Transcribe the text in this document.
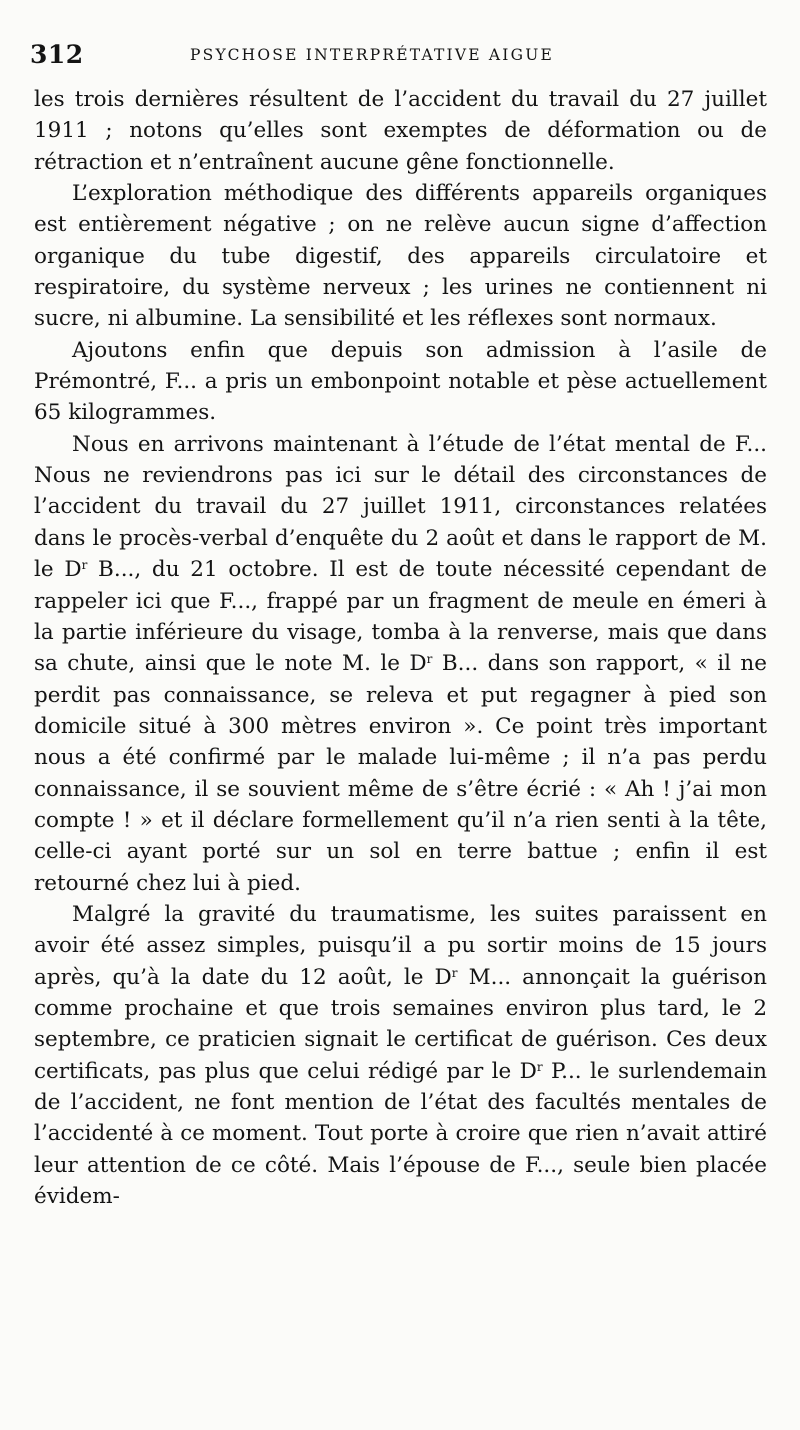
312	PSYCHOSE INTERPRÉTATIVE AIGUE

les trois dernières résultent de l’accident du travail du 27 juillet 1911 ; notons qu’elles sont exemptes de déformation ou de rétraction et n’entraînent aucune gêne fonctionnelle.

L’exploration méthodique des différents appareils organiques est entièrement négative ; on ne relève aucun signe d’affection organique du tube digestif, des appareils circulatoire et respiratoire, du système nerveux ; les urines ne contiennent ni sucre, ni albumine. La sensibilité et les réflexes sont normaux.

Ajoutons enfin que depuis son admission à l’asile de Prémontré, F... a pris un embonpoint notable et pèse actuellement 65 kilogrammes.

Nous en arrivons maintenant à l’étude de l’état mental de F... Nous ne reviendrons pas ici sur le détail des circonstances de l’accident du travail du 27 juillet 1911, circonstances relatées dans le procès-verbal d’enquête du 2 août et dans le rapport de M. le $D^r$ B..., du 21 octobre. Il est de toute nécessité cependant de rappeler ici que F..., frappé par un fragment de meule en émeri à la partie inférieure du visage, tomba à la renverse, mais que dans sa chute, ainsi que le note M. le $D^r$ B... dans son rapport, « il ne perdit pas connaissance, se releva et put regagner à pied son domicile situé à 300 mètres environ ». Ce point très important nous a été confirmé par le malade lui-même ; il n’a pas perdu connaissance, il se souvient même de s’être écrié : « Ah ! j’ai mon compte ! » et il déclare formellement qu’il n’a rien senti à la tête, celle-ci ayant porté sur un sol en terre battue ; enfin il est retourné chez lui à pied.

Malgré la gravité du traumatisme, les suites paraissent en avoir été assez simples, puisqu’il a pu sortir moins de 15 jours après, qu’à la date du 12 août, le $D^r$ M... annonçait la guérison comme prochaine et que trois semaines environ plus tard, le 2 septembre, ce praticien signait le certificat de guérison. Ces deux certificats, pas plus que celui rédigé par le $D^r$ P... le surlendemain de l’accident, ne font mention de l’état des facultés mentales de l’accidenté à ce moment. Tout porte à croire que rien n’avait attiré leur attention de ce côté. Mais l’épouse de F..., seule bien placée évidem-
